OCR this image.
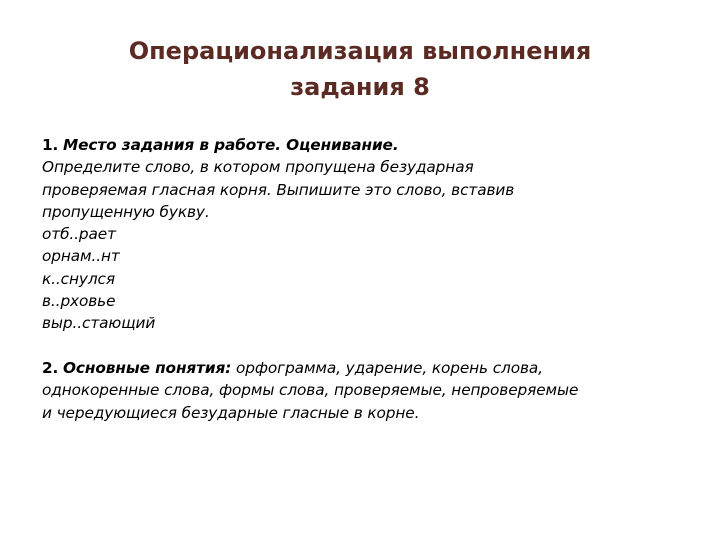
Операционализация выполнения
задания 8
1. Место задания в работе. Оценивание.
Определите слово, в котором пропущена безударная
проверяемая гласная корня. Выпишите это слово, вставив
пропущенную букву.
отб..рает
орнам..нт
к..снулся
в..рховье
выр..стающий
2. Основные понятия: орфограмма, ударение, корень слова,
однокоренные слова, формы слова, проверяемые, непроверяемые
и чередующиеся безударные гласные в корне.
